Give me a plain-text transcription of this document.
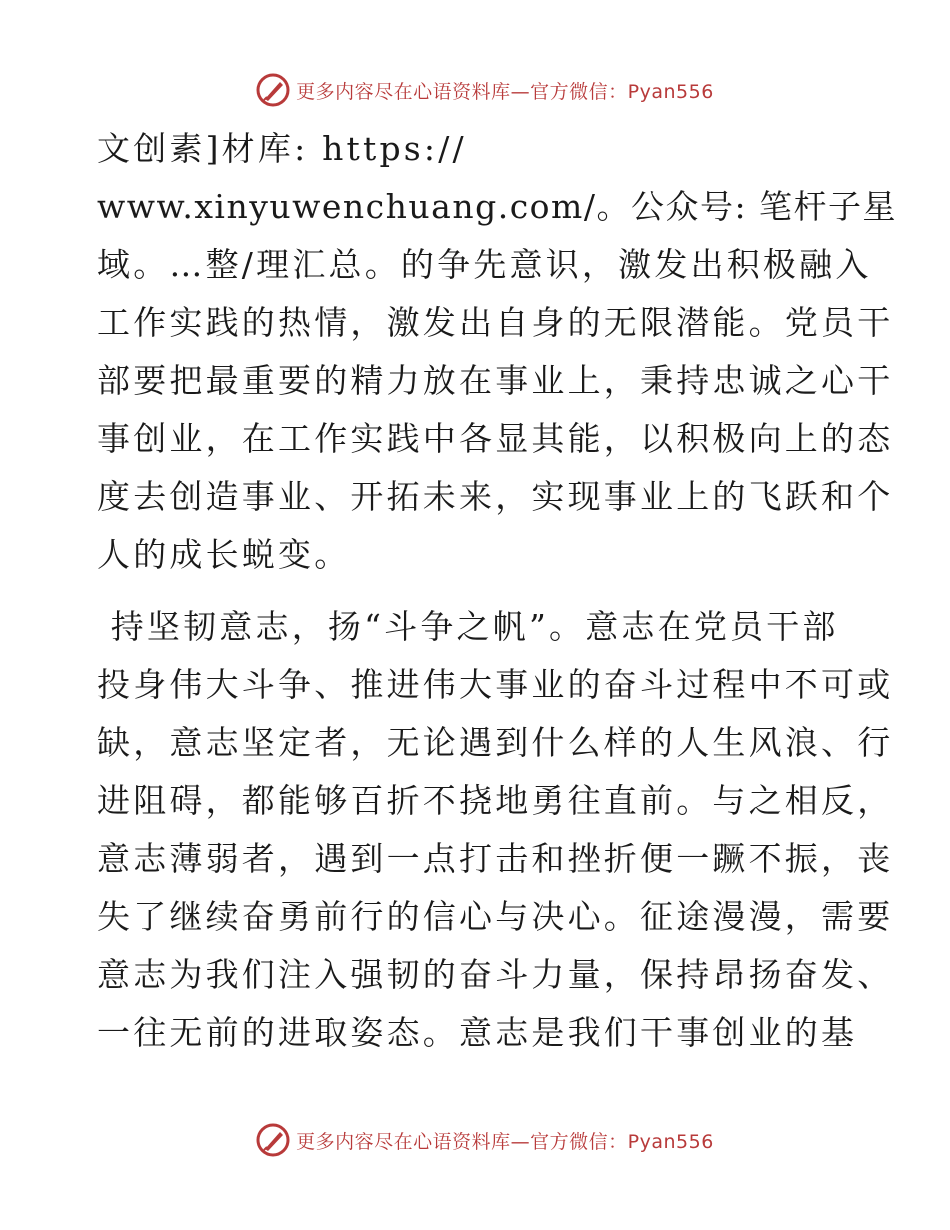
更多内容尽在心语资料库—官方微信：Pyan556
文创素]材库: https://
www.xinyuwenchuang.com/。公众号: 笔杆子星
域。…整/理汇总。的争先意识，激发出积极融入
工作实践的热情，激发出自身的无限潜能。党员干
部要把最重要的精力放在事业上，秉持忠诚之心干
事创业，在工作实践中各显其能，以积极向上的态
度去创造事业、开拓未来，实现事业上的飞跃和个
人的成长蜕变。
持坚韧意志，扬“斗争之帆”。意志在党员干部
投身伟大斗争、推进伟大事业的奋斗过程中不可或
缺，意志坚定者，无论遇到什么样的人生风浪、行
进阻碍，都能够百折不挠地勇往直前。与之相反，
意志薄弱者，遇到一点打击和挫折便一蹶不振，丧
失了继续奋勇前行的信心与决心。征途漫漫，需要
意志为我们注入强韧的奋斗力量，保持昂扬奋发、
一往无前的进取姿态。意志是我们干事创业的基
更多内容尽在心语资料库—官方微信：Pyan556
